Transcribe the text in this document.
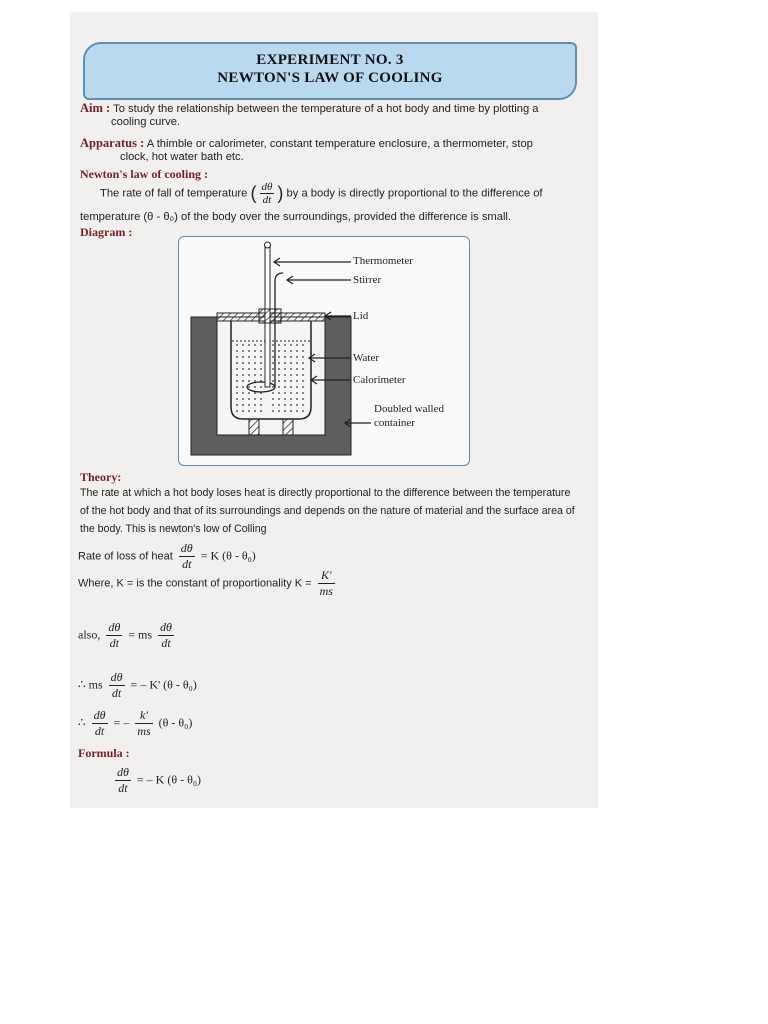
EXPERIMENT NO. 3
NEWTON'S LAW OF COOLING
Aim : To study the relationship between the temperature of a hot body and time by plotting a
cooling curve.
Apparatus : A thimble or calorimeter, constant temperature enclosure, a thermometer, stop
clock, hot water bath etc.
Newton's law of cooling :
The rate of fall of temperature ( $\frac{d\theta}{dt}$ ) by a body is directly proportional to the difference of
temperature (θ - θ₀) of the body over the surroundings, provided the difference is small.
Diagram :
Thermometer
Stirrer
Lid
Water
Calorimeter
Doubled walled
container
Theory:
The rate at which a hot body loses heat is directly proportional to the difference between the temperature
of the hot body and that of its surroundings and depends on the nature of material and the surface area of
the body. This is newton's low of Colling
Rate of loss of heat $\frac{d\theta}{dt} = K$ (θ - θ₀)
Where, K = is the constant of proportionality $K = \frac{K'}{ms}$
also, $\frac{d\theta}{dt}$ = ms $\frac{d\theta}{dt}$
∴ ms $\frac{d\theta}{dt}$ = – K' (θ - θ₀)
∴ $\frac{d\theta}{dt}$ = – $\frac{k'}{ms} (\theta - \theta_0)$
Formula :
$\frac{d\theta}{dt}$ = – K (θ - θ₀)
